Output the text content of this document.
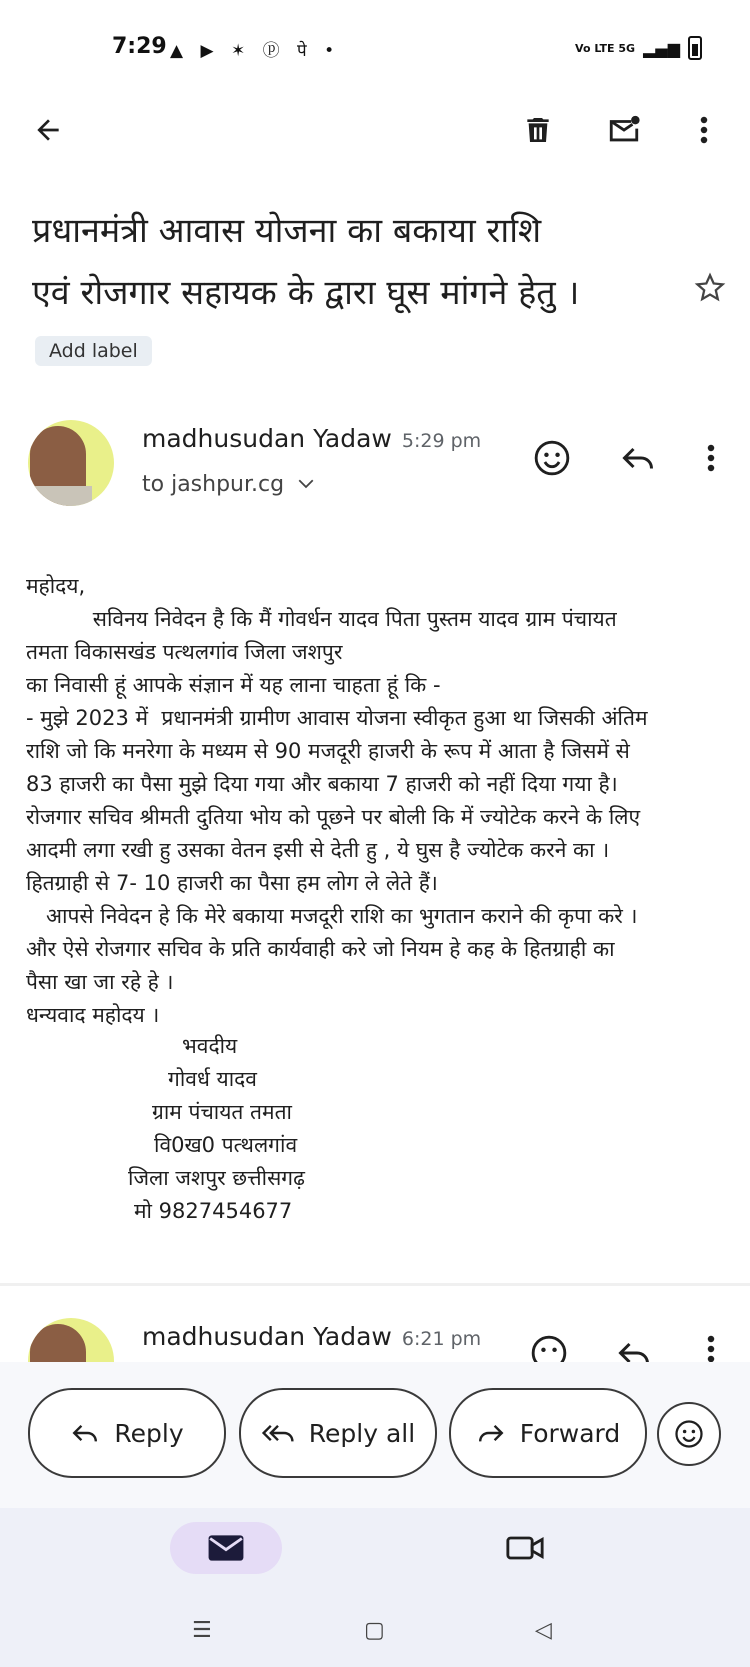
7:29 ▲ ▶ ✶ ⓟ पे •	Vo LTE 5G ▂▄▆
प्रधानमंत्री आवास योजना का बकाया राशि
एवं रोजगार सहायक के द्वारा घूस मांगने हेतु ।
Add label
madhusudan Yadaw 5:29 pm
to jashpur.cg

महोदय,

सविनय निवेदन है कि मैं गोवर्धन यादव पिता पुस्तम यादव ग्राम पंचायत

तमता विकासखंड पत्थलगांव जिला जशपुर

का निवासी हूं आपके संज्ञान में यह लाना चाहता हूं कि -

- मुझे 2023 में  प्रधानमंत्री ग्रामीण आवास योजना स्वीकृत हुआ था जिसकी अंतिम

राशि जो कि मनरेगा के मध्यम से 90 मजदूरी हाजरी के रूप में आता है जिसमें से

83 हाजरी का पैसा मुझे दिया गया और बकाया 7 हाजरी को नहीं दिया गया है।

रोजगार सचिव श्रीमती दुतिया भोय को पूछने पर बोली कि में ज्योटेक करने के लिए

आदमी लगा रखी हु उसका वेतन इसी से देती हु , ये घुस है ज्योटेक करने का ।

हितग्राही से 7- 10 हाजरी का पैसा हम लोग ले लेते हैं।

आपसे निवेदन हे कि मेरे बकाया मजदूरी राशि का भुगतान कराने की कृपा करे ।

और ऐसे रोजगार सचिव के प्रति कार्यवाही करे जो नियम हे कह के हितग्राही का

पैसा खा जा रहे हे ।

धन्यवाद महोदय ।

भवदीय
गोवर्ध यादव
ग्राम पंचायत तमता
वि0ख0 पत्थलगांव
जिला जशपुर छत्तीसगढ़
मो 9827454677
madhusudan Yadaw 6:21 pm
Reply	Reply all	Forward
☰	▢	◁
